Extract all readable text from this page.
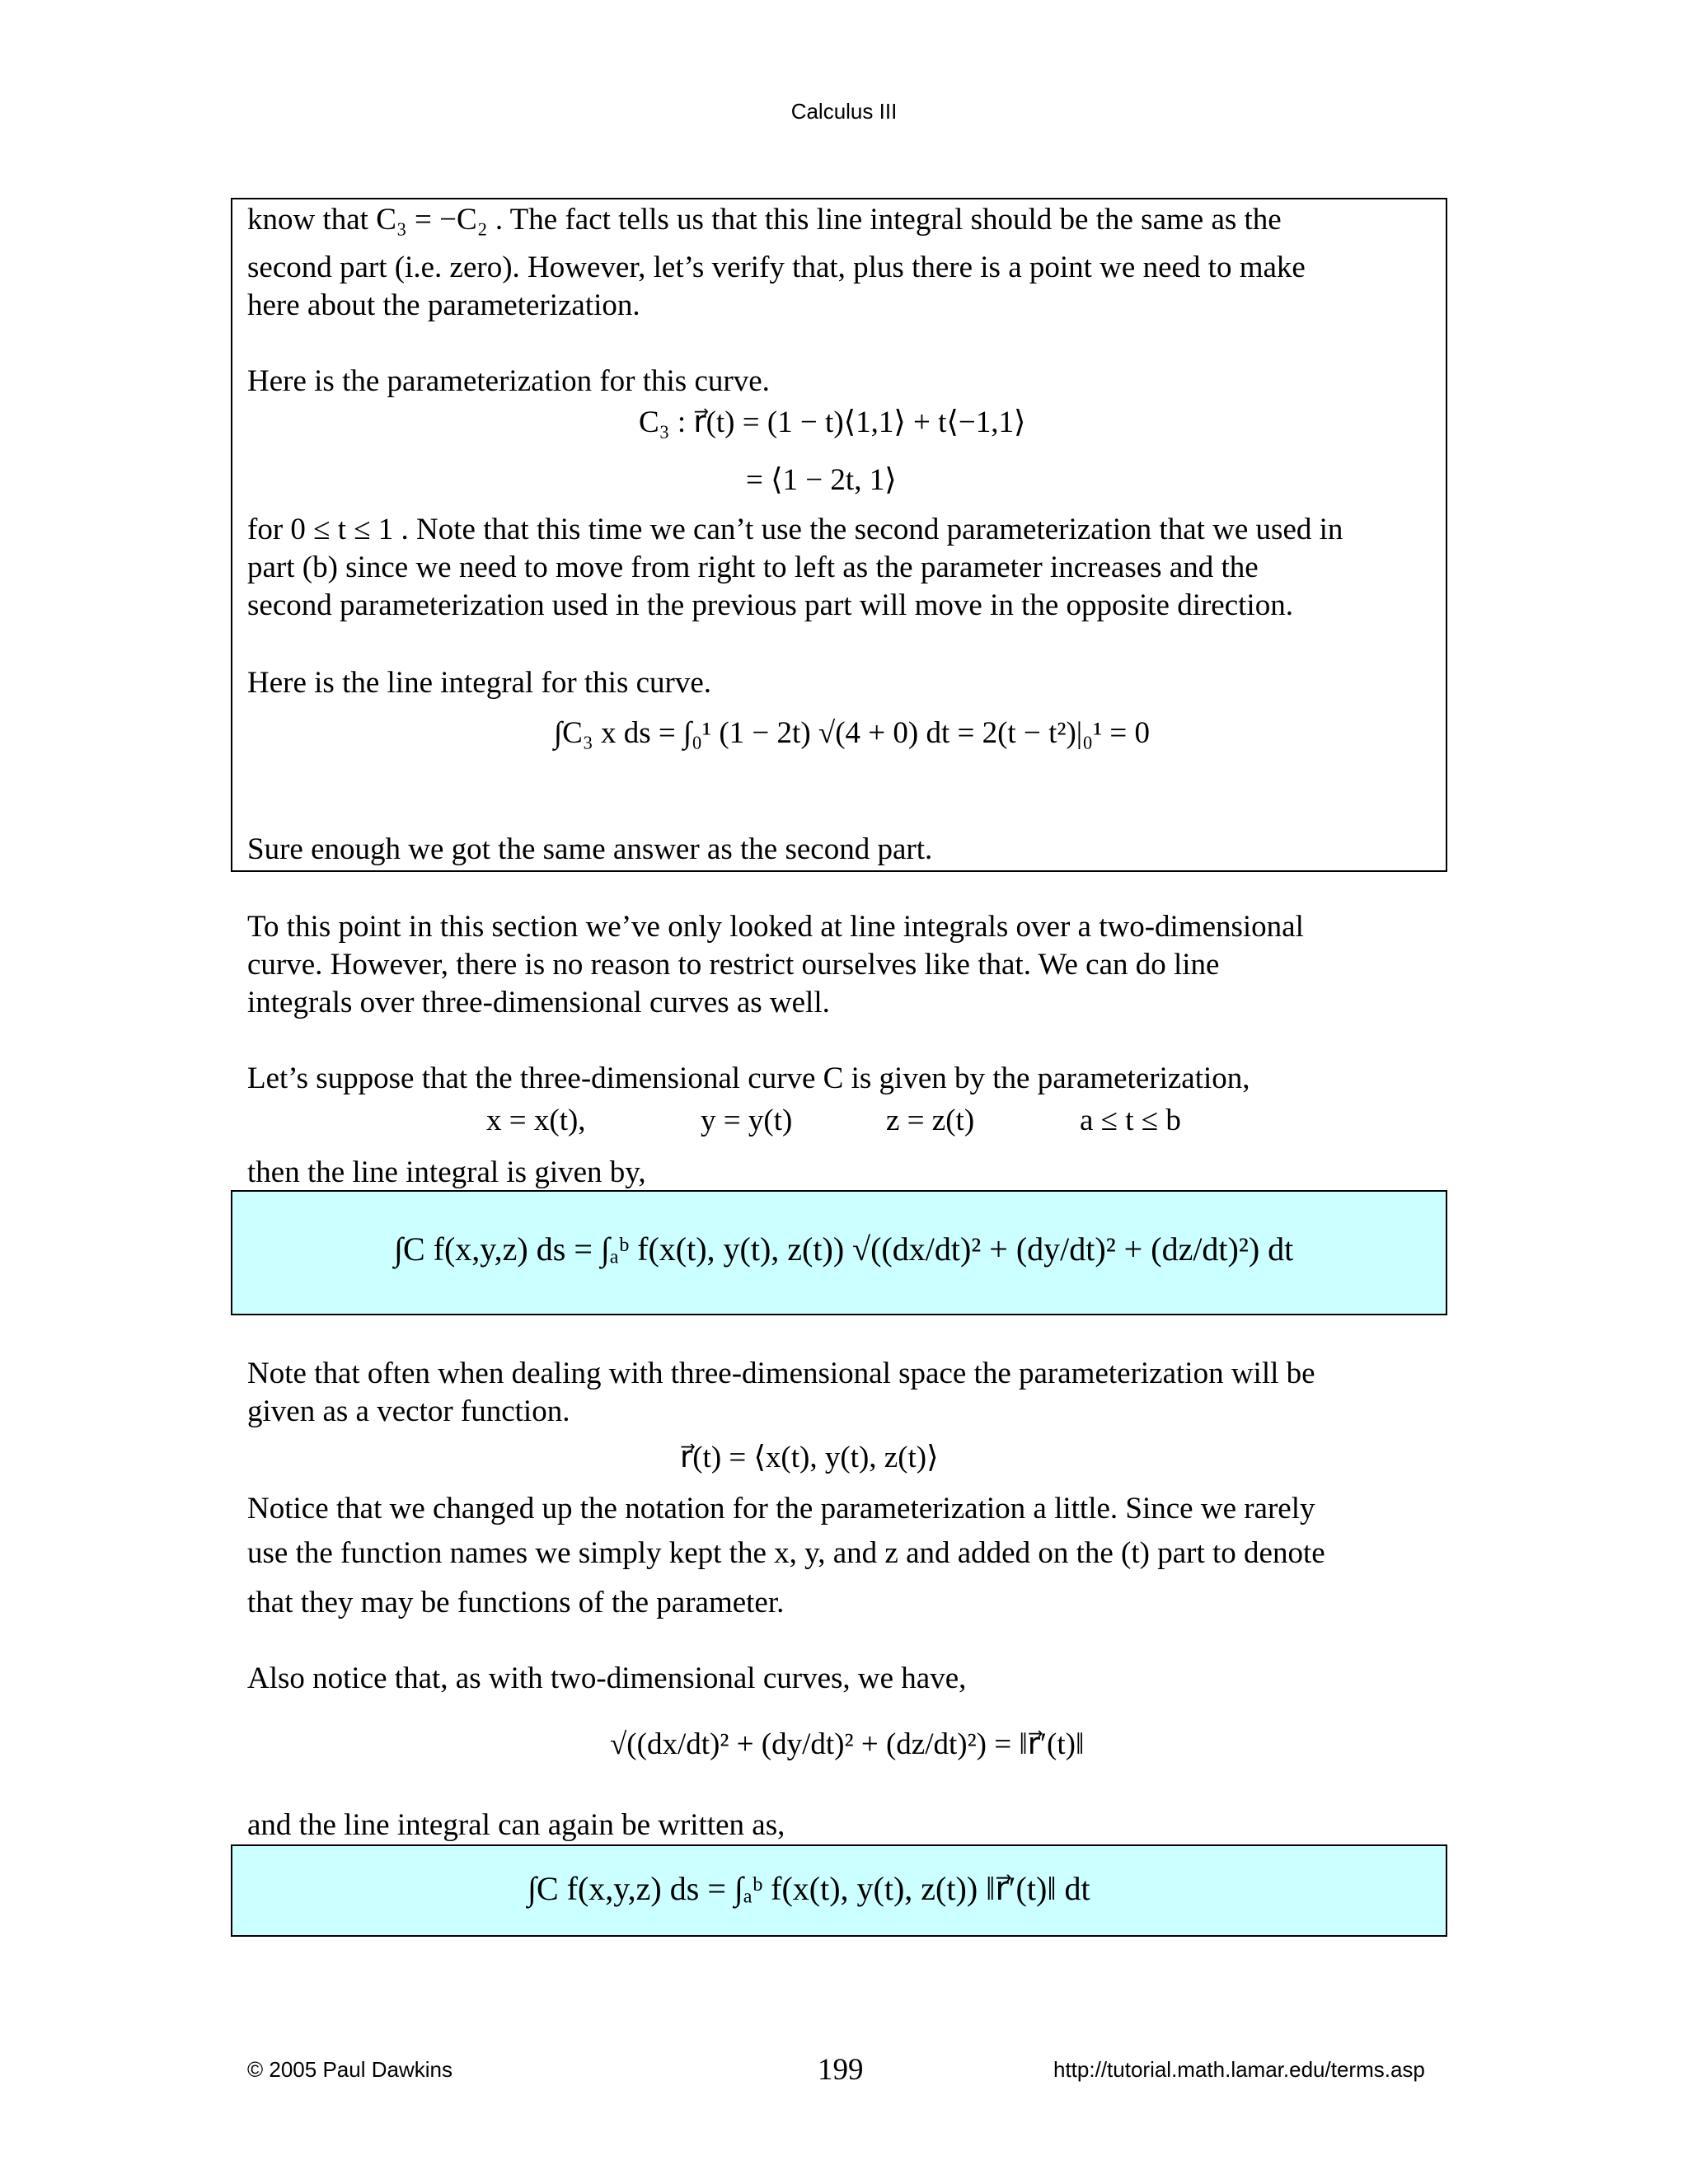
Calculus III
know that C₃ = −C₂ . The fact tells us that this line integral should be the same as the
second part (i.e. zero). However, let’s verify that, plus there is a point we need to make
here about the parameterization.
Here is the parameterization for this curve.
C₃ : r⃗(t) = (1 − t)⟨1,1⟩ + t⟨−1,1⟩
= ⟨1 − 2t, 1⟩
for 0 ≤ t ≤ 1 . Note that this time we can’t use the second parameterization that we used in
part (b) since we need to move from right to left as the parameter increases and the
second parameterization used in the previous part will move in the opposite direction.
Here is the line integral for this curve.
∫C₃ x ds = ∫₀¹ (1 − 2t) √(4 + 0) dt = 2(t − t²)|₀¹ = 0
Sure enough we got the same answer as the second part.
To this point in this section we’ve only looked at line integrals over a two-dimensional
curve. However, there is no reason to restrict ourselves like that. We can do line
integrals over three-dimensional curves as well.
Let’s suppose that the three-dimensional curve C is given by the parameterization,
x = x(t),	y = y(t)	z = z(t)	a ≤ t ≤ b
then the line integral is given by,
∫C f(x,y,z) ds = ∫ₐᵇ f(x(t), y(t), z(t)) √((dx/dt)² + (dy/dt)² + (dz/dt)²) dt
Note that often when dealing with three-dimensional space the parameterization will be
given as a vector function.
r⃗(t) = ⟨x(t), y(t), z(t)⟩
Notice that we changed up the notation for the parameterization a little. Since we rarely
use the function names we simply kept the x, y, and z and added on the (t) part to denote
that they may be functions of the parameter.
Also notice that, as with two-dimensional curves, we have,
√((dx/dt)² + (dy/dt)² + (dz/dt)²) = ‖r⃗′(t)‖
and the line integral can again be written as,
∫C f(x,y,z) ds = ∫ₐᵇ f(x(t), y(t), z(t)) ‖r⃗′(t)‖ dt
© 2005 Paul Dawkins	199	http://tutorial.math.lamar.edu/terms.asp
